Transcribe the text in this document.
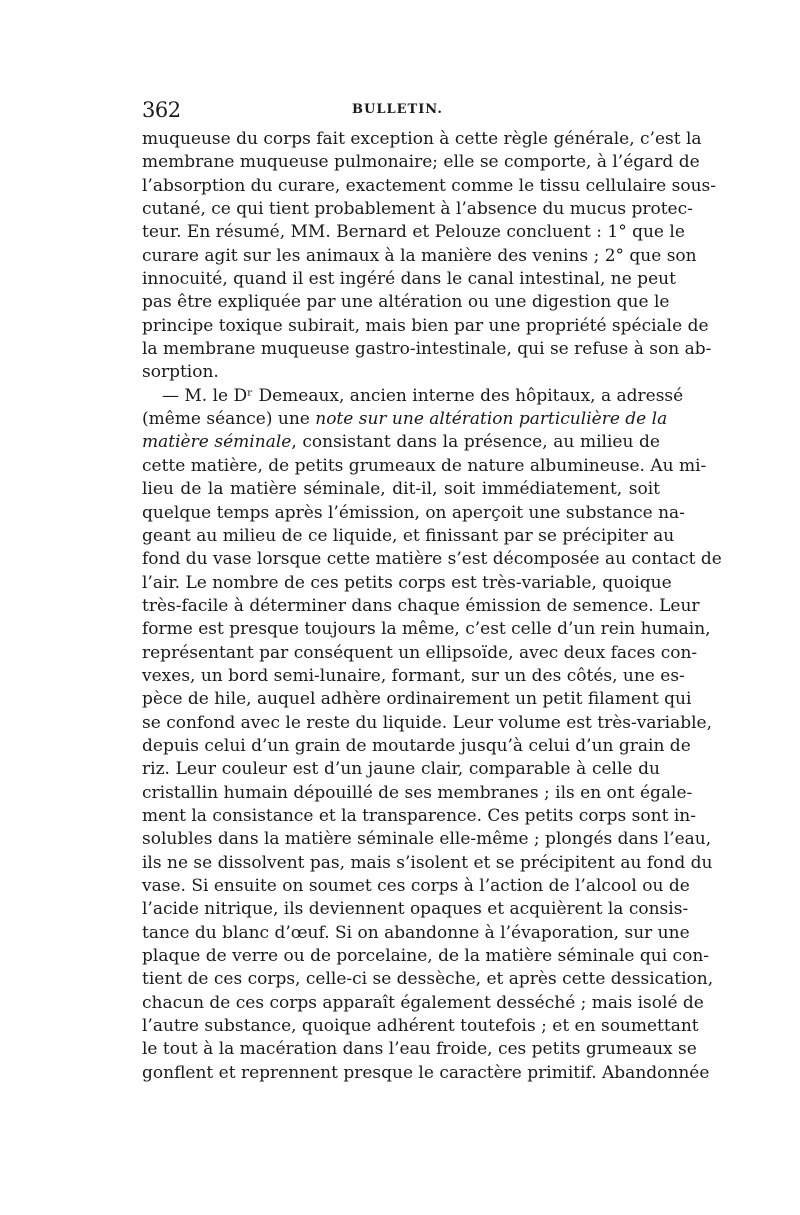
362	BULLETIN.
muqueuse du corps fait exception à cette règle générale, c’est la
membrane muqueuse pulmonaire; elle se comporte, à l’égard de
l’absorption du curare, exactement comme le tissu cellulaire sous-
cutané, ce qui tient probablement à l’absence du mucus protec-
teur. En résumé, MM. Bernard et Pelouze concluent : 1° que le
curare agit sur les animaux à la manière des venins ; 2° que son
innocuité, quand il est ingéré dans le canal intestinal, ne peut
pas être expliquée par une altération ou une digestion que le
principe toxique subirait, mais bien par une propriété spéciale de
la membrane muqueuse gastro-intestinale, qui se refuse à son ab-
sorption.
— M. le Dʳ Demeaux, ancien interne des hôpitaux, a adressé
(même séance) une note sur une altération particulière de la
matière séminale, consistant dans la présence, au milieu de
cette matière, de petits grumeaux de nature albumineuse. Au mi-
lieu de la matière séminale, dit-il, soit immédiatement, soit
quelque temps après l’émission, on aperçoit une substance na-
geant au milieu de ce liquide, et finissant par se précipiter au
fond du vase lorsque cette matière s’est décomposée au contact de
l’air. Le nombre de ces petits corps est très-variable, quoique
très-facile à déterminer dans chaque émission de semence. Leur
forme est presque toujours la même, c’est celle d’un rein humain,
représentant par conséquent un ellipsoïde, avec deux faces con-
vexes, un bord semi-lunaire, formant, sur un des côtés, une es-
pèce de hile, auquel adhère ordinairement un petit filament qui
se confond avec le reste du liquide. Leur volume est très-variable,
depuis celui d’un grain de moutarde jusqu’à celui d’un grain de
riz. Leur couleur est d’un jaune clair, comparable à celle du
cristallin humain dépouillé de ses membranes ; ils en ont égale-
ment la consistance et la transparence. Ces petits corps sont in-
solubles dans la matière séminale elle-même ; plongés dans l’eau,
ils ne se dissolvent pas, mais s’isolent et se précipitent au fond du
vase. Si ensuite on soumet ces corps à l’action de l’alcool ou de
l’acide nitrique, ils deviennent opaques et acquièrent la consis-
tance du blanc d’œuf. Si on abandonne à l’évaporation, sur une
plaque de verre ou de porcelaine, de la matière séminale qui con-
tient de ces corps, celle-ci se dessèche, et après cette dessication,
chacun de ces corps apparaît également desséché ; mais isolé de
l’autre substance, quoique adhérent toutefois ; et en soumettant
le tout à la macération dans l’eau froide, ces petits grumeaux se
gonflent et reprennent presque le caractère primitif. Abandonnée
